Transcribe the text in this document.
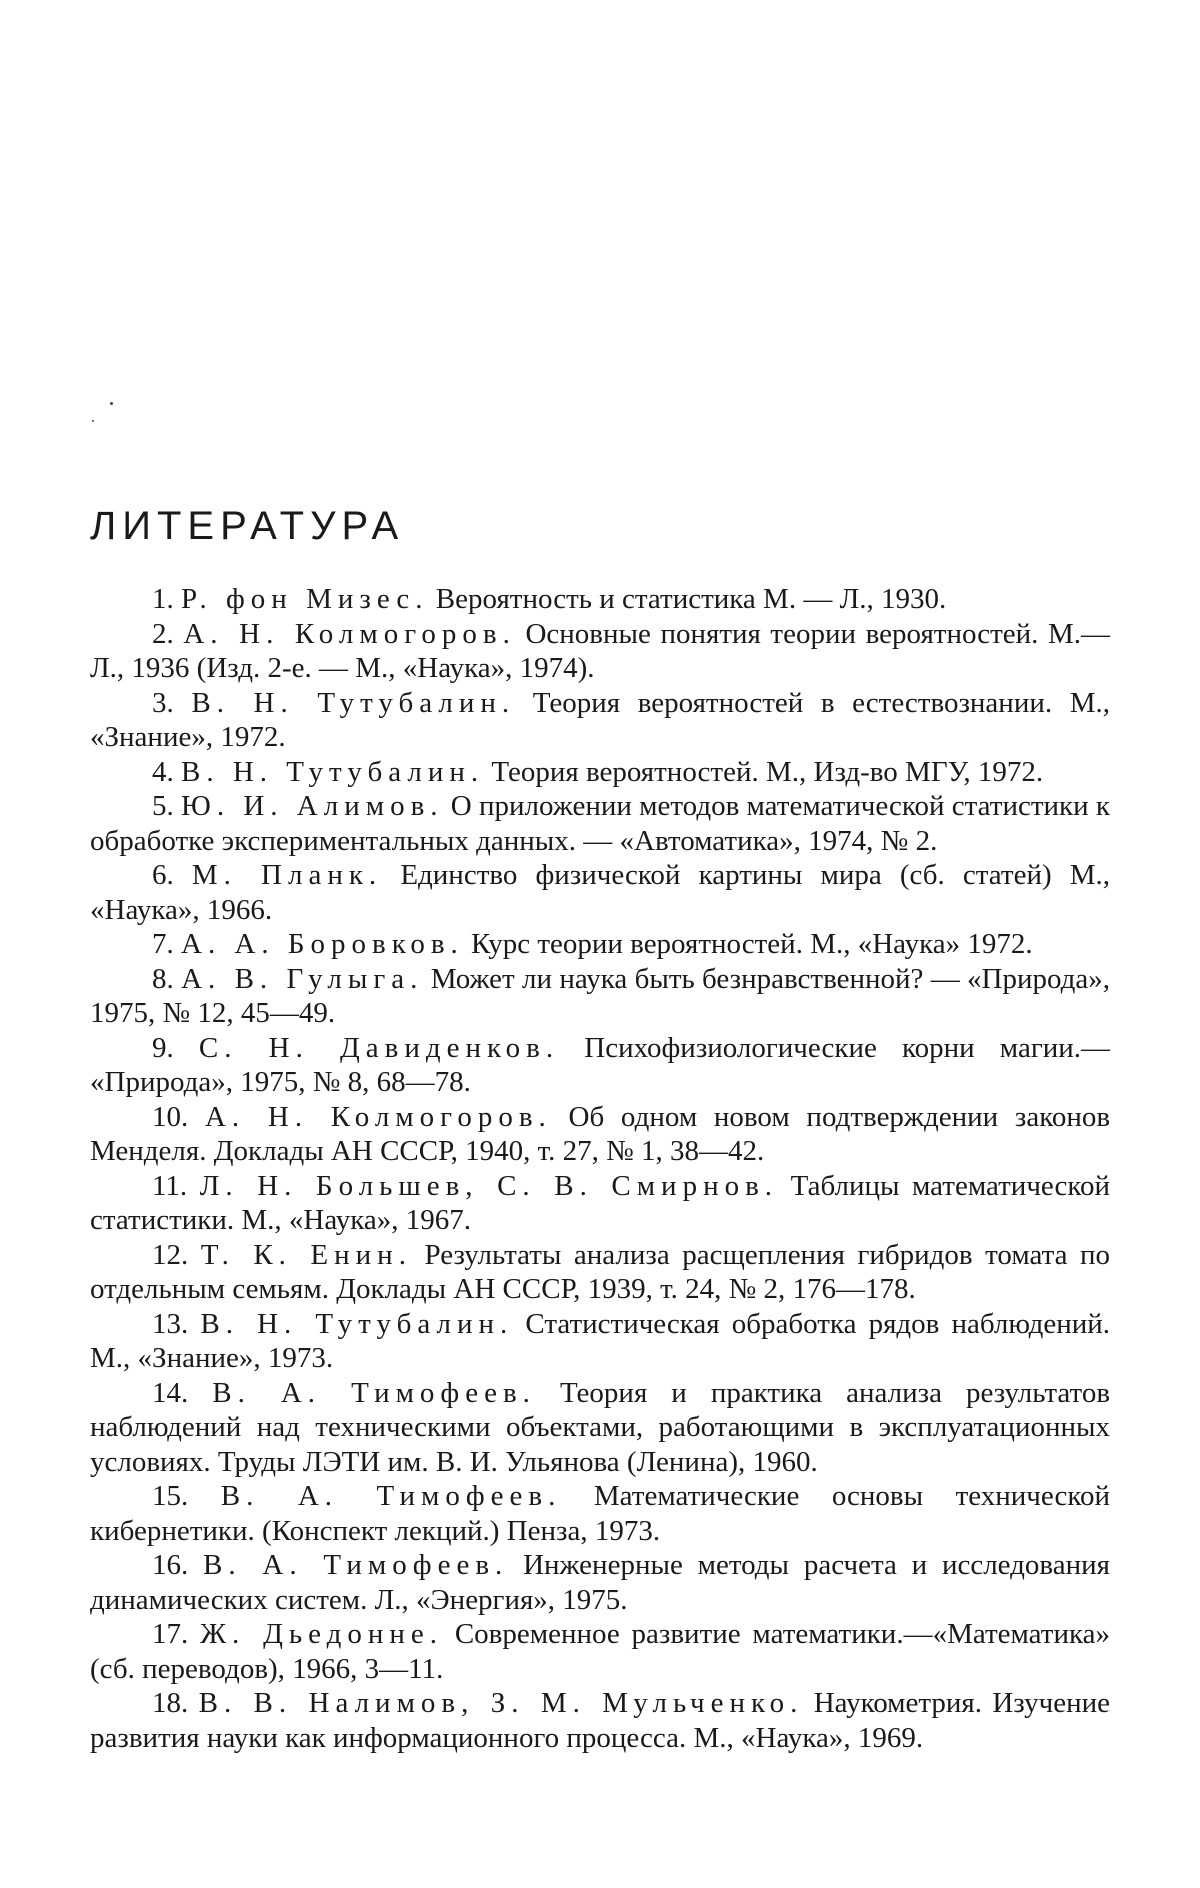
ЛИТЕРАТУРА
1. Р. фон Мизес. Вероятность и статистика М. — Л., 1930.
2. А. Н. Колмогоров. Основные понятия теории вероятностей. М.—Л., 1936 (Изд. 2-е. — М., «Наука», 1974).
3. В. Н. Тутубалин. Теория вероятностей в естествознании. М., «Знание», 1972.
4. В. Н. Тутубалин. Теория вероятностей. М., Изд-во МГУ, 1972.
5. Ю. И. Алимов. О приложении методов математической статистики к обработке экспериментальных данных. — «Автоматика», 1974, № 2.
6. М. Планк. Единство физической картины мира (сб. статей) М., «Наука», 1966.
7. А. А. Боровков. Курс теории вероятностей. М., «Наука» 1972.
8. А. В. Гулыга. Может ли наука быть безнравственной? — «Природа», 1975, № 12, 45—49.
9. С. Н. Давиденков. Психофизиологические корни магии.— «Природа», 1975, № 8, 68—78.
10. А. Н. Колмогоров. Об одном новом подтверждении законов Менделя. Доклады АН СССР, 1940, т. 27, № 1, 38—42.
11. Л. Н. Большев, С. В. Смирнов. Таблицы математической статистики. М., «Наука», 1967.
12. Т. К. Енин. Результаты анализа расщепления гибридов томата по отдельным семьям. Доклады АН СССР, 1939, т. 24, № 2, 176—178.
13. В. Н. Тутубалин. Статистическая обработка рядов наблюдений. М., «Знание», 1973.
14. В. А. Тимофеев. Теория и практика анализа результатов наблюдений над техническими объектами, работающими в эксплуатационных условиях. Труды ЛЭТИ им. В. И. Ульянова (Ленина), 1960.
15. В. А. Тимофеев. Математические основы технической кибернетики. (Конспект лекций.) Пенза, 1973.
16. В. А. Тимофеев. Инженерные методы расчета и исследования динамических систем. Л., «Энергия», 1975.
17. Ж. Дьедонне. Современное развитие математики.—«Математика» (сб. переводов), 1966, 3—11.
18. В. В. Налимов, З. М. Мульченко. Наукометрия. Изучение развития науки как информационного процесса. М., «Наука», 1969.
